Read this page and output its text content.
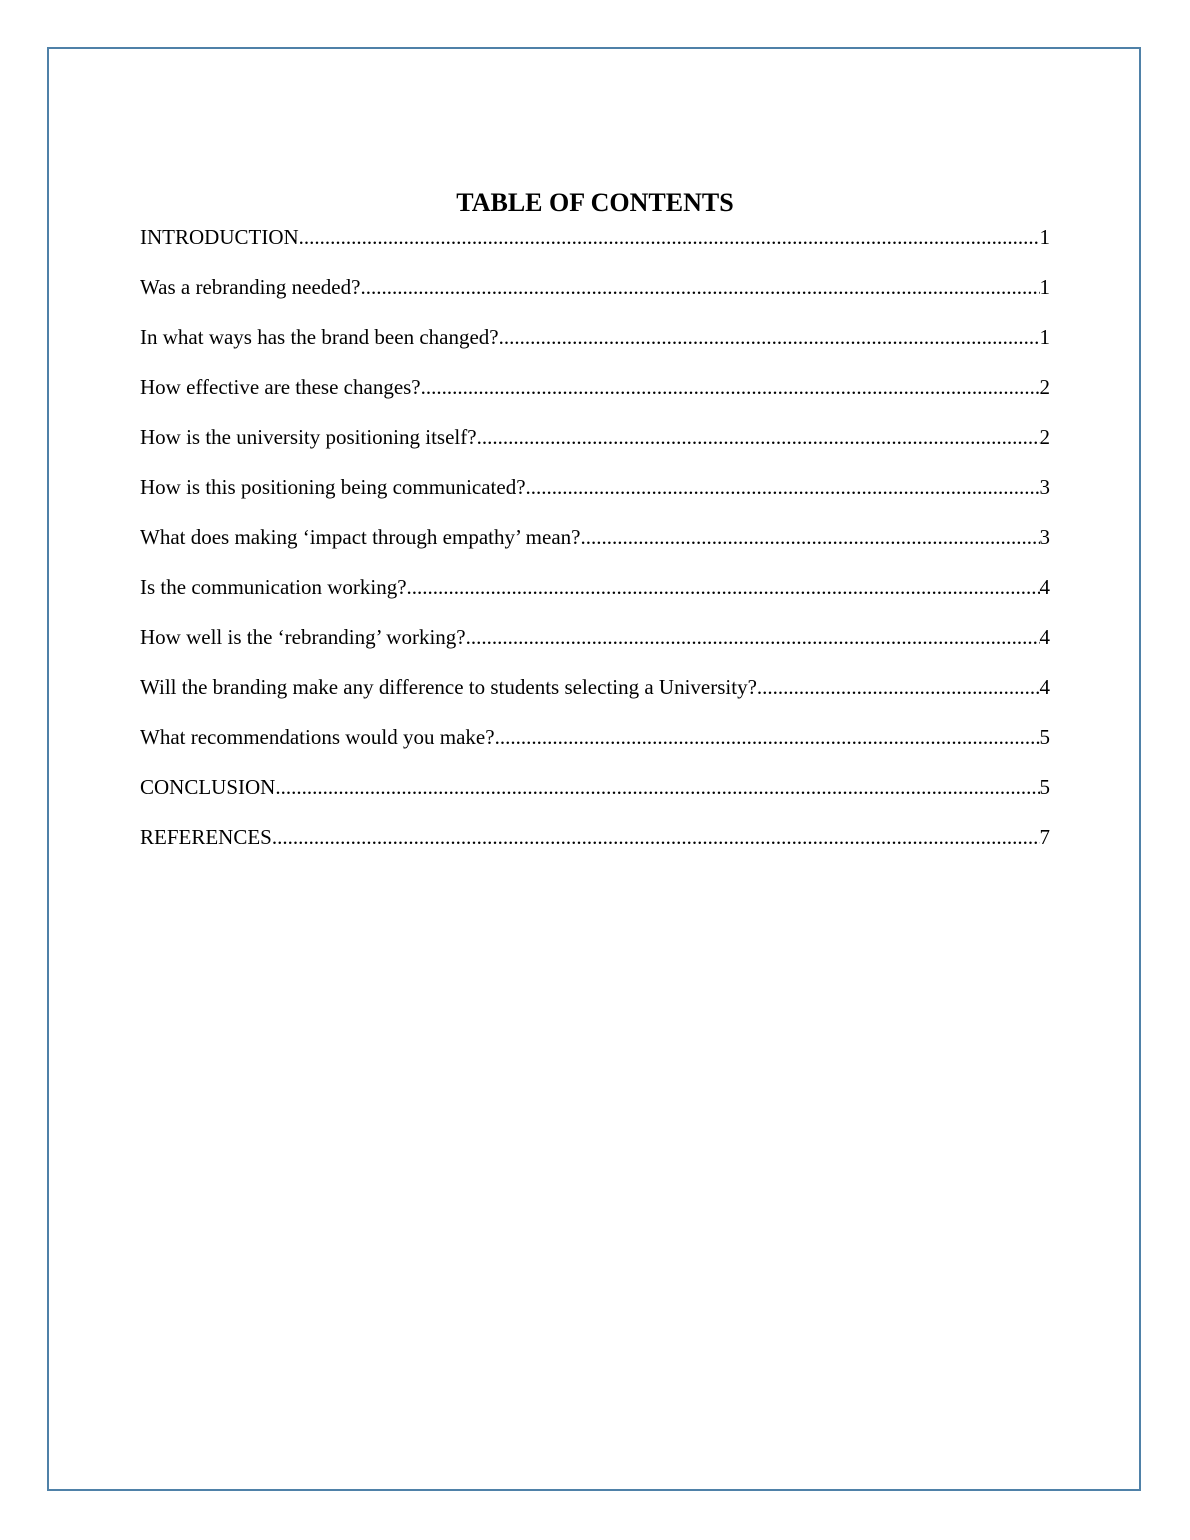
TABLE OF CONTENTS
INTRODUCTION .....	1
Was a rebranding needed? .....	1
In what ways has the brand been changed? .....	1
How effective are these changes? .....	2
How is the university positioning itself? .....	2
How is this positioning being communicated? .....	3
What does making ‘impact through empathy’ mean? .....	3
Is the communication working? .....	4
How well is the ‘rebranding’ working? .....	4
Will the branding make any difference to students selecting a University? .....	4
What recommendations would you make? .....	5
CONCLUSION .....	5
REFERENCES .....	7
